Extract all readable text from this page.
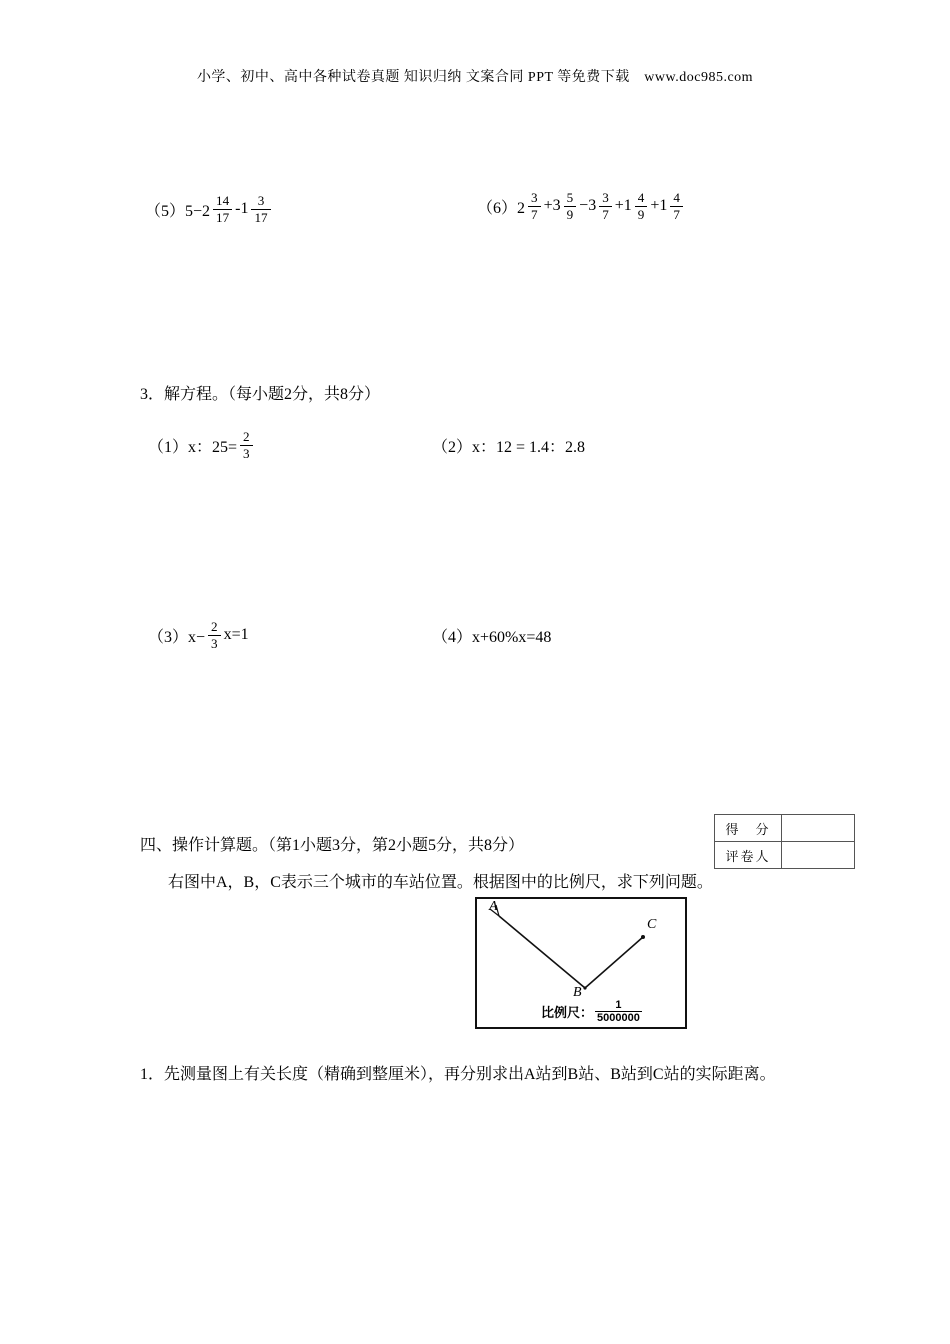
小学、初中、高中各种试卷真题 知识归纳 文案合同 PPT 等免费下载　www.doc985.com
$(5)5-2 \frac{14}{17} -1 \frac{3}{17}$	$(6)2 \frac{3}{7} +3 \frac{5}{9} -3 \frac{3}{7} +1 \frac{4}{9} +1 \frac{4}{7}$
3．解方程。（每小题2分，共8分）
（1）x：$25= \frac{2}{3}$	（2）x：12 = 1.4：2.8
$(3)x- \frac{2}{3} x=1$	（4）x+60%x=48
得　分	
评卷人	
四、操作计算题。（第1小题3分，第2小题5分，共8分）
右图中A，B，C表示三个城市的车站位置。根据图中的比例尺，求下列问题。
A
B
C
比例尺： $\frac{1}{5000000}$
1．先测量图上有关长度（精确到整厘米），再分别求出A站到B站、B站到C站的实际距离。
